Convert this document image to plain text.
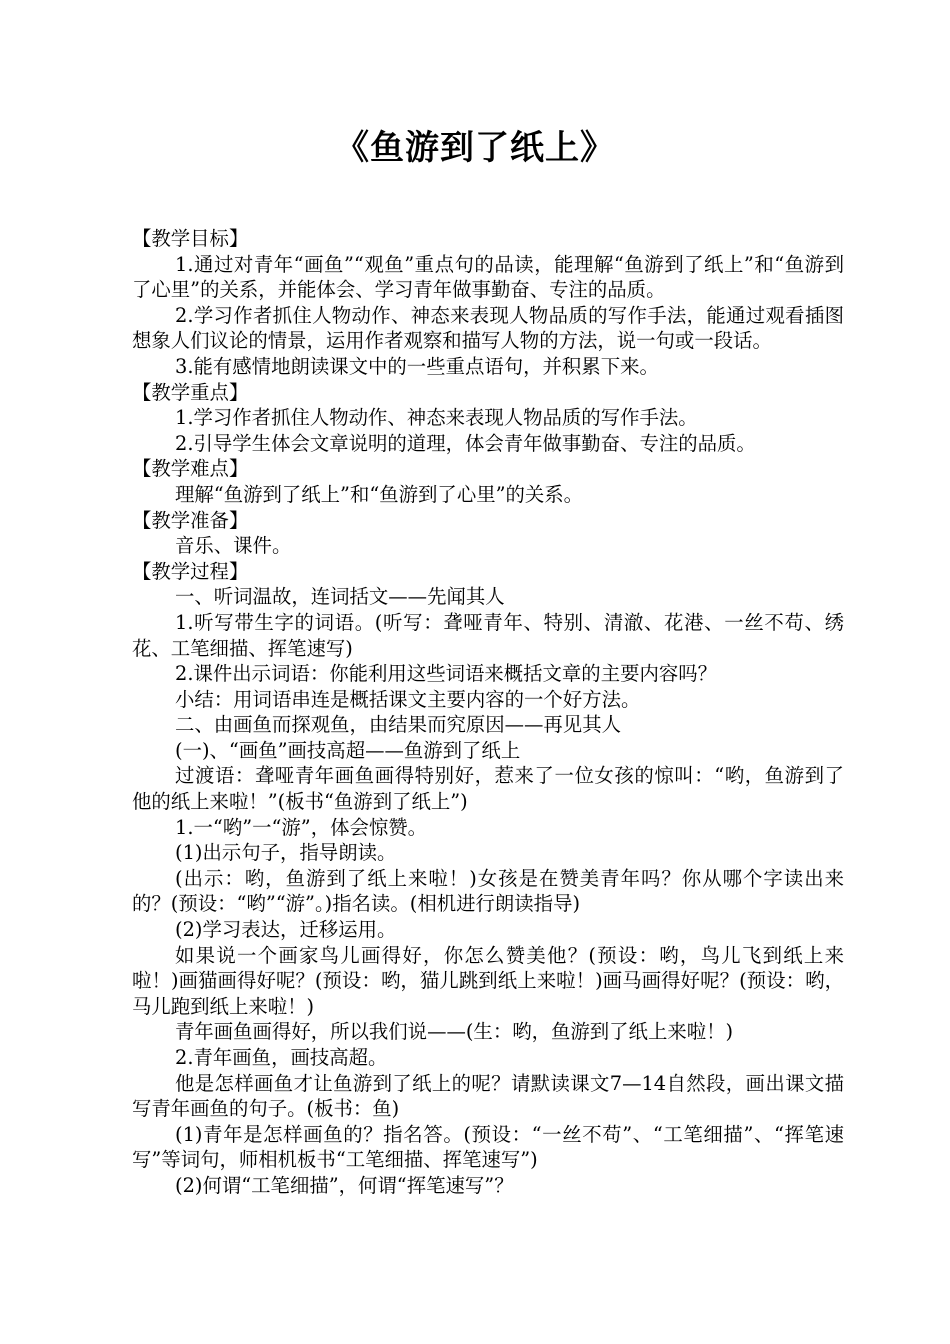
《鱼游到了纸上》

【教学目标】

1.通过对青年“画鱼”“观鱼”重点句的品读，能理解“鱼游到了纸上”和“鱼游到了心里”的关系，并能体会、学习青年做事勤奋、专注的品质。

2.学习作者抓住人物动作、神态来表现人物品质的写作手法，能通过观看插图想象人们议论的情景，运用作者观察和描写人物的方法，说一句或一段话。

3.能有感情地朗读课文中的一些重点语句，并积累下来。

【教学重点】

1.学习作者抓住人物动作、神态来表现人物品质的写作手法。

2.引导学生体会文章说明的道理，体会青年做事勤奋、专注的品质。

【教学难点】

理解“鱼游到了纸上”和“鱼游到了心里”的关系。

【教学准备】

音乐、课件。

【教学过程】

一、听词温故，连词括文——先闻其人

1.听写带生字的词语。(听写：聋哑青年、特别、清澈、花港、一丝不苟、绣花、工笔细描、挥笔速写)

2.课件出示词语：你能利用这些词语来概括文章的主要内容吗？

小结：用词语串连是概括课文主要内容的一个好方法。

二、由画鱼而探观鱼，由结果而究原因——再见其人

(一)、“画鱼”画技高超——鱼游到了纸上

过渡语：聋哑青年画鱼画得特别好，惹来了一位女孩的惊叫：“哟，鱼游到了他的纸上来啦！”(板书“鱼游到了纸上”)

1.一“哟”一“游”，体会惊赞。

(1)出示句子，指导朗读。

(出示：哟，鱼游到了纸上来啦！)女孩是在赞美青年吗？你从哪个字读出来的？(预设：“哟”“游”。)指名读。(相机进行朗读指导)

(2)学习表达，迁移运用。

如果说一个画家鸟儿画得好，你怎么赞美他？(预设：哟，鸟儿飞到纸上来啦！)画猫画得好呢？(预设：哟，猫儿跳到纸上来啦！)画马画得好呢？(预设：哟，马儿跑到纸上来啦！)

青年画鱼画得好，所以我们说——(生：哟，鱼游到了纸上来啦！)

2.青年画鱼，画技高超。

他是怎样画鱼才让鱼游到了纸上的呢？请默读课文7—14自然段，画出课文描写青年画鱼的句子。(板书：鱼)

(1)青年是怎样画鱼的？指名答。(预设：“一丝不苟”、“工笔细描”、“挥笔速写”等词句，师相机板书“工笔细描、挥笔速写”)

(2)何谓“工笔细描”，何谓“挥笔速写”？
